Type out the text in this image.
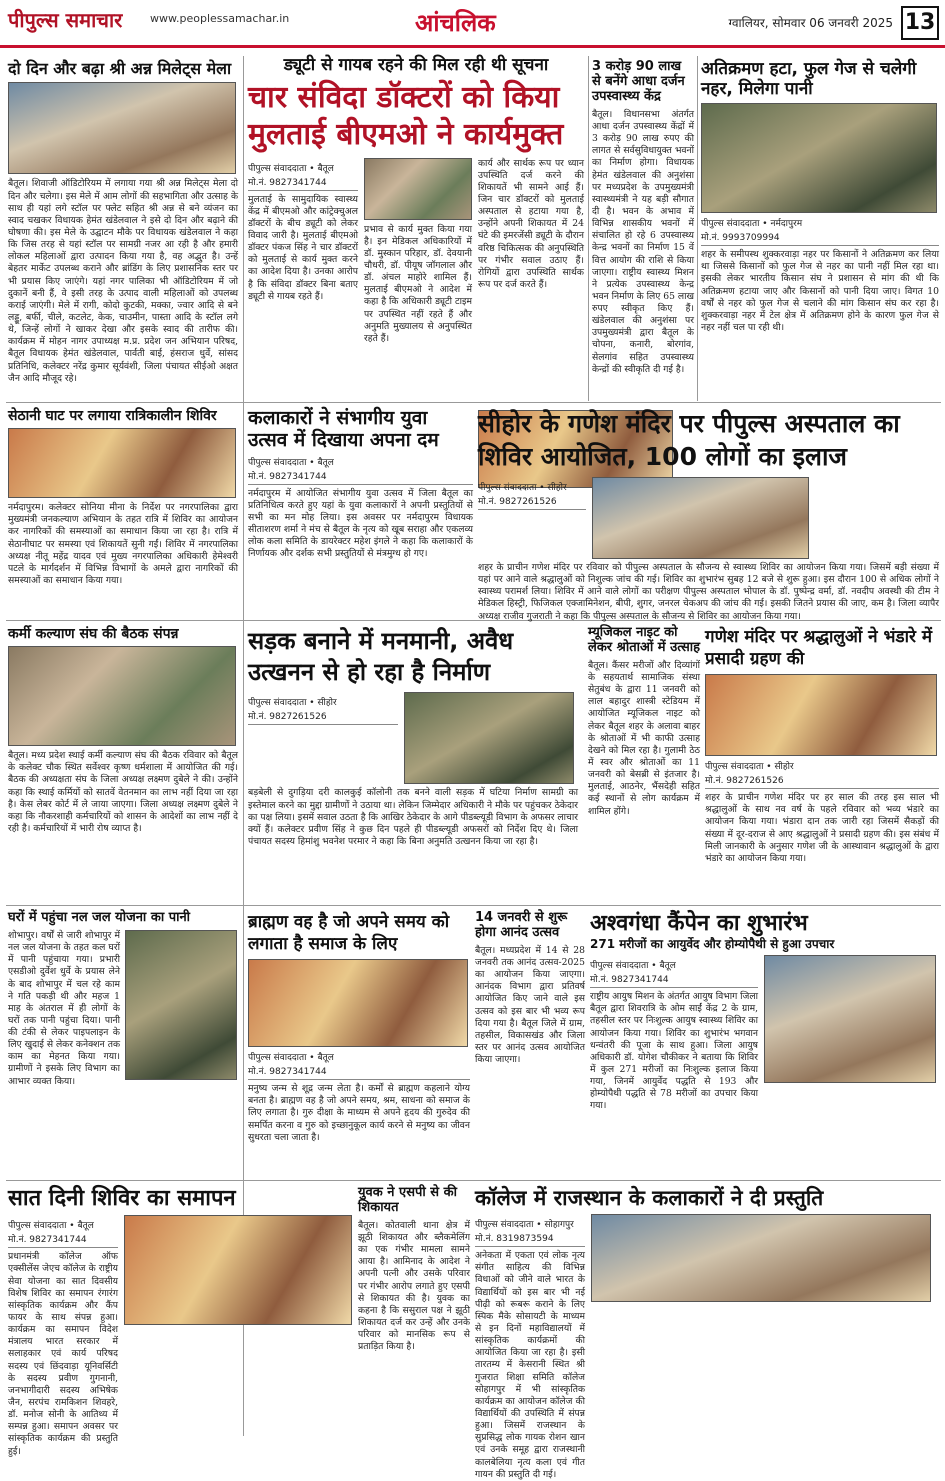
पीपुल्स समाचार	www.peoplessamachar.in	आंचलिक	ग्वालियर, सोमवार 06 जनवरी 2025 13
दो दिन और बढ़ा श्री अन्न मिलेट्स मेला
बैतूल। शिवाजी ऑडिटोरियम में लगाया गया श्री अन्न मिलेट्स मेला दो दिन और चलेगा। इस मेले में आम लोगों की सहभागिता और उत्साह के साथ ही यहां लगे स्टॉल पर फ्लेट सहित श्री अन्न से बने व्यंजन का स्वाद चखकर विधायक हेमंत खंडेलवाल ने इसे दो दिन और बढ़ाने की घोषणा की। इस मेले के उद्घाटन मौके पर विधायक खंडेलवाल ने कहा कि जिस तरह से यहां स्टॉल पर सामग्री नजर आ रही है और हमारी लोकल महिलाओं द्वारा उत्पादन किया गया है, वह अद्भुत है। उन्हें बेहतर मार्केट उपलब्ध कराने और ब्रांडिंग के लिए प्रशासनिक स्तर पर भी प्रयास किए जाएंगे। यहां नगर पालिका भी ऑडिटोरियम में जो दुकानें बनी हैं, वे इसी तरह के उत्पाद वाली महिलाओं को उपलब्ध कराई जाएंगी। मेले में रागी, कोदो कुटकी, मक्का, ज्वार आदि से बने लड्डू, बर्फी, चीले, कटलेट, केक, चाउमीन, पास्ता आदि के स्टॉल लगे थे, जिन्हें लोगों ने खाकर देखा और इसके स्वाद की तारीफ की। कार्यक्रम में मोहन नागर उपाध्यक्ष म.प्र. प्रदेश जन अभियान परिषद, बैतूल विधायक हेमंत खंडेलवाल, पार्वती बाई, हंसराज धुर्वे, सांसद प्रतिनिधि, कलेक्टर नरेंद्र कुमार सूर्यवंशी, जिला पंचायत सीईओ अक्षत जैन आदि मौजूद रहे।
ड्यूटी से गायब रहने की मिल रही थी सूचना
चार संविदा डॉक्टरों को किया मुलताई बीएमओ ने कार्यमुक्त
पीपुल्स संवाददाता • बैतूल
मो.नं. 9827341744
मुलताई के सामुदायिक स्वास्थ्य केंद्र में बीएमओ और कांट्रेक्चुअल डॉक्टरों के बीच ड्यूटी को लेकर विवाद जारी है। मुलताई बीएमओ डॉक्टर पंकज सिंह ने चार डॉक्टरों को मुलताई से कार्य मुक्त करने का आदेश दिया है। उनका आरोप है कि संविदा डॉक्टर बिना बताए ड्यूटी से गायब रहते हैं।
प्रभाव से कार्य मुक्त किया गया है। इन मेडिकल अधिकारियों में डॉ. मुस्कान परिहार, डॉ. देवयानी चौधरी, डॉ. पीयूष जॉगलाल और डॉ. अंचल माहोरे शामिल हैं। मुलताई बीएमओ ने आदेश में कहा है कि अधिकारी ड्यूटी टाइम पर उपस्थित नहीं रहते हैं और अनुमति मुख्यालय से अनुपस्थित रहते हैं।
कार्य और सार्थक रूप पर ध्यान उपस्थिति दर्ज करने की शिकायतें भी सामने आई हैं। जिन चार डॉक्टरों को मुलताई अस्पताल से हटाया गया है, उन्होंने अपनी शिकायत में 24 घंटे की इमरजेंसी ड्यूटी के दौरान वरिष्ठ चिकित्सक की अनुपस्थिति पर गंभीर सवाल उठाए हैं। रोगियों द्वारा उपस्थिति सार्थक रूप पर दर्ज करते हैं।
3 करोड़ 90 लाख से बनेंगे आधा दर्जन उपस्वास्थ्य केंद्र
बैतूल। विधानसभा अंतर्गत आधा दर्जन उपस्वास्थ्य केंद्रों में 3 करोड़ 90 लाख रुपए की लागत से सर्वसुविधायुक्त भवनों का निर्माण होगा। विधायक हेमंत खंडेलवाल की अनुशंसा पर मध्यप्रदेश के उपमुख्यमंत्री स्वास्थ्यमंत्री ने यह बड़ी सौगात दी है। भवन के अभाव में विभिन्न शासकीय भवनों में संचालित हो रहे 6 उपस्वास्थ्य केन्द्र भवनों का निर्माण 15 वें वित्त आयोग की राशि से किया जाएगा। राष्ट्रीय स्वास्थ्य मिशन ने प्रत्येक उपस्वास्थ्य केन्द्र भवन निर्माण के लिए 65 लाख रुपए स्वीकृत किए हैं। खंडेलवाल की अनुशंसा पर उपमुख्यमंत्री द्वारा बैतूल के चोपना, कनारी, बोरगांव, सेलगांव सहित उपस्वास्थ्य केन्द्रों की स्वीकृति दी गई है।
अतिक्रमण हटा, फुल गेज से चलेगी नहर, मिलेगा पानी
पीपुल्स संवाददाता • नर्मदापुरम
मो.नं. 9993709994
शहर के समीपस्थ शुक्करवाड़ा नहर पर किसानों ने अतिक्रमण कर लिया था जिससे किसानों को फुल गेज से नहर का पानी नहीं मिल रहा था। इसकी लेकर भारतीय किसान संघ ने प्रशासन से मांग की थी कि अतिक्रमण हटाया जाए और किसानों को पानी दिया जाए। विगत 10 वर्षों से नहर को फुल गेज से चलाने की मांग किसान संघ कर रहा है। शुक्करवाड़ा नहर में टेल क्षेत्र में अतिक्रमण होने के कारण फुल गेज से नहर नहीं चल पा रही थी।
सेठानी घाट पर लगाया रात्रिकालीन शिविर
नर्मदापुरम। कलेक्टर सोनिया मीना के निर्देश पर नगरपालिका द्वारा मुख्यमंत्री जनकल्याण अभियान के तहत रात्रि में शिविर का आयोजन कर नागरिकों की समस्याओं का समाधान किया जा रहा है। रात्रि में सेठानीघाट पर समस्या एवं शिकायतें सुनी गईं। शिविर में नगरपालिका अध्यक्ष नीतू महेंद्र यादव एवं मुख्य नगरपालिका अधिकारी हेमेश्वरी पटले के मार्गदर्शन में विभिन्न विभागों के अमले द्वारा नागरिकों की समस्याओं का समाधान किया गया।
कलाकारों ने संभागीय युवा उत्सव में दिखाया अपना दम
पीपुल्स संवाददाता • बैतूल
मो.नं. 9827341744
नर्मदापुरम में आयोजित संभागीय युवा उत्सव में जिला बैतूल का प्रतिनिधित्व करते हुए यहां के युवा कलाकारों ने अपनी प्रस्तुतियों से सभी का मन मोह लिया। इस अवसर पर नर्मदापुरम विधायक सीताशरण शर्मा ने मंच से बैतूल के नृत्य को खूब सराहा और एकलव्य लोक कला समिति के डायरेक्टर महेश इंगले ने कहा कि कलाकारों के निर्णायक और दर्शक सभी प्रस्तुतियों से मंत्रमुग्ध हो गए।
सीहोर के गणेश मंदिर पर पीपुल्स अस्पताल का शिविर आयोजित, 100 लोगों का इलाज
पीपुल्स संवाददाता • सीहोर
मो.नं. 9827261526
शहर के प्राचीन गणेश मंदिर पर रविवार को पीपुल्स अस्पताल के सौजन्य से स्वास्थ्य शिविर का आयोजन किया गया। जिसमें बड़ी संख्या में यहां पर आने वाले श्रद्धालुओं को निशुल्क जांच की गई। शिविर का शुभारंभ सुबह 12 बजे से शुरू हुआ। इस दौरान 100 से अधिक लोगों ने स्वास्थ्य परामर्श लिया। शिविर में आने वाले लोगों का परीक्षण पीपुल्स अस्पताल भोपाल के डॉ. पुष्पेन्द्र वर्मा, डॉ. नवदीप अवस्थी की टीम ने मेडिकल हिस्ट्री, फिजिकल एक्जामिनेशन, बीपी, शुगर, जनरल चेकअप की जांच की गई। इसकी जितने प्रयास की जाए, कम है। जिला व्यापैर अध्यक्ष राजीव गुजराती ने कहा कि पीपुल्स अस्पताल के सौजन्य से शिविर का आयोजन किया गया।
कर्मी कल्याण संघ की बैठक संपन्न
बैतूल। मध्य प्रदेश स्थाई कर्मी कल्याण संघ की बैठक रविवार को बैतूल के कलेक्ट चौक स्थित सर्वेश्वर कृष्ण धर्मशाला में आयोजित की गई। बैठक की अध्यक्षता संघ के जिला अध्यक्ष लक्ष्मण दुबेले ने की। उन्होंने कहा कि स्थाई कर्मियों को सातवें वेतनमान का लाभ नहीं दिया जा रहा है। केस लेबर कोर्ट में ले जाया जाएगा। जिला अध्यक्ष लक्ष्मण दुबेले ने कहा कि नौकरशाही कर्मचारियों को शासन के आदेशों का लाभ नहीं दे रही है। कर्मचारियों में भारी रोष व्याप्त है।
सड़क बनाने में मनमानी, अवैध उत्खनन से हो रहा है निर्माण
पीपुल्स संवाददाता • सीहोर
मो.नं. 9827261526
बड़बेली से दुगड़िया दरी कालकुई कॉलोनी तक बनने वाली सड़क में घटिया निर्माण सामग्री का इस्तेमाल करने का मुद्दा ग्रामीणों ने उठाया था। लेकिन जिम्मेदार अधिकारी ने मौके पर पहुंचकर ठेकेदार का पक्ष लिया। इसमें सवाल उठता है कि आखिर ठेकेदार के आगे पीडब्ल्यूडी विभाग के अफसर लाचार क्यों हैं। कलेक्टर प्रवीण सिंह ने कुछ दिन पहले ही पीडब्ल्यूडी अफसरों को निर्देश दिए थे। जिला पंचायत सदस्य हिमांशु भवनेश परमार ने कहा कि बिना अनुमति उत्खनन किया जा रहा है।
म्यूजिकल नाइट को लेकर श्रोताओं में उत्साह
बैतूल। कैंसर मरीजों और दिव्यांगों के सहयतार्थ सामाजिक संस्था सेतुबंध के द्वारा 11 जनवरी को लाल बहादुर शास्त्री स्टेडियम में आयोजित म्यूजिकल नाइट को लेकर बैतूल शहर के अलावा बाहर के श्रोताओं में भी काफी उत्साह देखने को मिल रहा है। गुलामी ठेठ में स्वर और श्रोताओं का 11 जनवरी को बेसब्री से इंतजार है। मुलताई, आठनेर, भैंसदेही सहित कई स्थानों से लोग कार्यक्रम में शामिल होंगे।
गणेश मंदिर पर श्रद्धालुओं ने भंडारे में प्रसादी ग्रहण की
पीपुल्स संवाददाता • सीहोर
मो.नं. 9827261526
शहर के प्राचीन गणेश मंदिर पर हर साल की तरह इस साल भी श्रद्धालुओं के साथ नव वर्ष के पहले रविवार को भव्य भंडारे का आयोजन किया गया। भंडारा दान तक जारी रहा जिसमें सैकड़ों की संख्या में दूर-दराज से आए श्रद्धालुओं ने प्रसादी ग्रहण की। इस संबंध में मिली जानकारी के अनुसार गणेश जी के आस्थावान श्रद्धालुओं के द्वारा भंडारे का आयोजन किया गया।
घरों में पहुंचा नल जल योजना का पानी
शोभापुर। वर्षों से जारी शोभापुर में नल जल योजना के तहत कल घरों में पानी पहुंचाया गया। प्रभारी एसडीओ दुर्वेश धुर्वे के प्रयास लेने के बाद शोभापुर में चल रहे काम ने गति पकड़ी थी और महज 1 माह के अंतराल में ही लोगों के घरों तक पानी पहुंचा दिया। पानी की टंकी से लेकर पाइपलाइन के लिए खुदाई से लेकर कनेक्शन तक काम का मेहनत किया गया। ग्रामीणों ने इसके लिए विभाग का आभार व्यक्त किया।
ब्राह्मण वह है जो अपने समय को लगाता है समाज के लिए
पीपुल्स संवाददाता • बैतूल
मो.नं. 9827341744
मनुष्य जन्म से शूद्र जन्म लेता है। कर्मों से ब्राह्मण कहलाने योग्य बनता है। ब्राह्मण वह है जो अपने समय, श्रम, साधना को समाज के लिए लगाता है। गुरु दीक्षा के माध्यम से अपने हृदय की गुरुदेव की समर्पित करना व गुरु को इच्छानुकूल कार्य करने से मनुष्य का जीवन सुधरता चला जाता है।
14 जनवरी से शुरू होगा आनंद उत्सव
बैतूल। मध्यप्रदेश में 14 से 28 जनवरी तक आनंद उत्सव-2025 का आयोजन किया जाएगा। आनंदक विभाग द्वारा प्रतिवर्ष आयोजित किए जाने वाले इस उत्सव को इस बार भी भव्य रूप दिया गया है। बैतूल जिले में ग्राम, तहसील, विकासखंड और जिला स्तर पर आनंद उत्सव आयोजित किया जाएगा।
अश्वगंधा कैंपेन का शुभारंभ
271 मरीजों का आयुर्वेद और होम्योपैथी से हुआ उपचार
पीपुल्स संवाददाता • बैतूल
मो.नं. 9827341744
राष्ट्रीय आयुष मिशन के अंतर्गत आयुष विभाग जिला बैतूल द्वारा शिवरात्रि के ओम साईं केंद्र 2 के ग्राम, तहसील स्तर पर निःशुल्क आयुष स्वास्थ्य शिविर का आयोजन किया गया। शिविर का शुभारंभ भगवान धन्वंतरी की पूजा के साथ हुआ। जिला आयुष अधिकारी डॉ. योगेश चौकीकर ने बताया कि शिविर में कुल 271 मरीजों का निःशुल्क इलाज किया गया, जिनमें आयुर्वेद पद्धति से 193 और होम्योपैथी पद्धति से 78 मरीजों का उपचार किया गया।
सात दिनी शिविर का समापन
पीपुल्स संवाददाता • बैतूल
मो.नं. 9827341744
प्रधानमंत्री कॉलेज ऑफ एक्सीलेंस जेएच कॉलेज के राष्ट्रीय सेवा योजना का सात दिवसीय विशेष शिविर का समापन रंगारंग सांस्कृतिक कार्यक्रम और कैंप फायर के साथ संपन्न हुआ। कार्यक्रम का समापन विदेश मंत्रालय भारत सरकार में सलाहकार एवं कार्य परिषद सदस्य एवं छिंदवाड़ा यूनिवर्सिटी के सदस्य प्रवीण गुगनानी, जनभागीदारी सदस्य अभिषेक जैन, सरपंच रामकिशन शिवहरे, डॉ. मनोज सोनी के आतिथ्य में सम्पन्न हुआ। समापन अवसर पर सांस्कृतिक कार्यक्रम की प्रस्तुति हुई।
युवक ने एसपी से की शिकायत
बैतूल। कोतवाली थाना क्षेत्र में झूठी शिकायत और ब्लैकमेलिंग का एक गंभीर मामला सामने आया है। आमिनाद के आदेश ने अपनी पत्नी और उसके परिवार पर गंभीर आरोप लगाते हुए एसपी से शिकायत की है। युवक का कहना है कि ससुराल पक्ष ने झूठी शिकायत दर्ज कर उन्हें और उनके परिवार को मानसिक रूप से प्रताड़ित किया है।
कॉलेज में राजस्थान के कलाकारों ने दी प्रस्तुति
पीपुल्स संवाददाता • सोहागपुर
मो.नं. 8319873594
अनेकता में एकता एवं लोक नृत्य संगीत साहित्य की विभिन्न विधाओं को जीने वाले भारत के विद्यार्थियों को इस बार भी नई पीढ़ी को रूबरू कराने के लिए स्पिक मैके सोसायटी के माध्यम से इन दिनों महाविद्यालयों में सांस्कृतिक कार्यक्रमों की आयोजित किया जा रहा है। इसी तारतम्य में केसरानी स्थित श्री गुजरात शिक्षा समिति कॉलेज सोहागपुर में भी सांस्कृतिक कार्यक्रम का आयोजन कॉलेज की विद्यार्थियों की उपस्थिति में संपन्न हुआ। जिसमें राजस्थान के सुप्रसिद्ध लोक गायक रोशन खान एवं उनके समूह द्वारा राजस्थानी कालबेलिया नृत्य कला एवं गीत गायन की प्रस्तुति दी गई।
